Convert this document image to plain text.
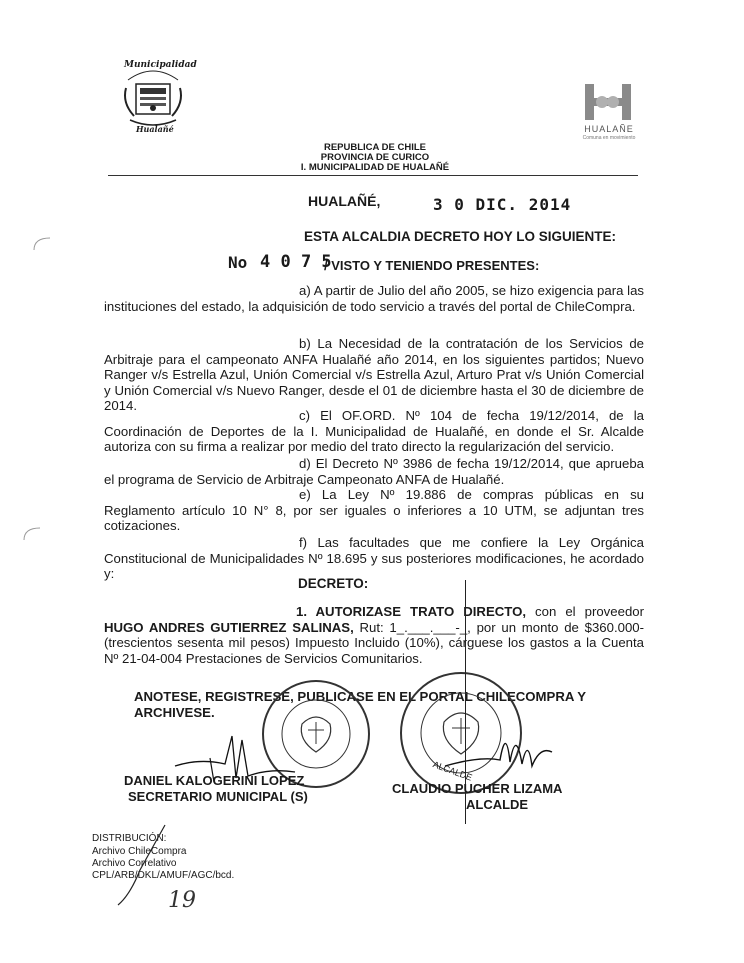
Municipalidad
Hualañé	HUALAÑE
Comuna en movimiento
REPUBLICA DE CHILE
PROVINCIA DE CURICO
I. MUNICIPALIDAD DE HUALAÑÉ
HUALAÑÉ,	3 0 DIC. 2014
ESTA ALCALDIA DECRETO HOY LO SIGUIENTE:
No 4 0 7 5
/ VISTO Y TENIENDO PRESENTES:
a) A partir de Julio del año 2005, se hizo exigencia para las instituciones del estado, la adquisición de todo servicio a través del portal de ChileCompra.
b) La Necesidad de la contratación de los Servicios de Arbitraje para el campeonato ANFA Hualañé año 2014, en los siguientes partidos; Nuevo Ranger v/s Estrella Azul, Unión Comercial v/s Estrella Azul, Arturo Prat v/s Unión Comercial y Unión Comercial v/s Nuevo Ranger, desde el 01 de diciembre hasta el 30 de diciembre de 2014.
c) El OF.ORD. Nº 104 de fecha 19/12/2014, de la Coordinación de Deportes de la I. Municipalidad de Hualañé, en donde el Sr. Alcalde autoriza con su firma a realizar por medio del trato directo la regularización del servicio.
d) El Decreto Nº 3986 de fecha 19/12/2014, que aprueba el programa de Servicio de Arbitraje Campeonato ANFA de Hualañé.
e) La Ley Nº 19.886 de compras públicas en su Reglamento artículo 10 N° 8, por ser iguales o inferiores a 10 UTM, se adjuntan tres cotizaciones.
f) Las facultades que me confiere la Ley Orgánica Constitucional de Municipalidades Nº 18.695 y sus posteriores modificaciones, he acordado y:
DECRETO:
1. AUTORIZASE TRATO DIRECTO, con el proveedor HUGO ANDRES GUTIERREZ SALINAS, Rut: 1_.___.___-_, por un monto de $360.000- (trescientos sesenta mil pesos) Impuesto Incluido (10%), cárguese los gastos a la Cuenta Nº 21-04-004 Prestaciones de Servicios Comunitarios.
ANOTESE, REGISTRESE, PUBLICASE EN EL PORTAL CHILECOMPRA Y ARCHIVESE.
ALCALDE
DANIEL KALOGERINI LOPEZ
SECRETARIO MUNICIPAL (S)
CLAUDIO PUCHER LIZAMA
ALCALDE
DISTRIBUCIÓN:
Archivo ChileCompra
Archivo Correlativo
CPL/ARB/DKL/AMUF/AGC/bcd.
19
